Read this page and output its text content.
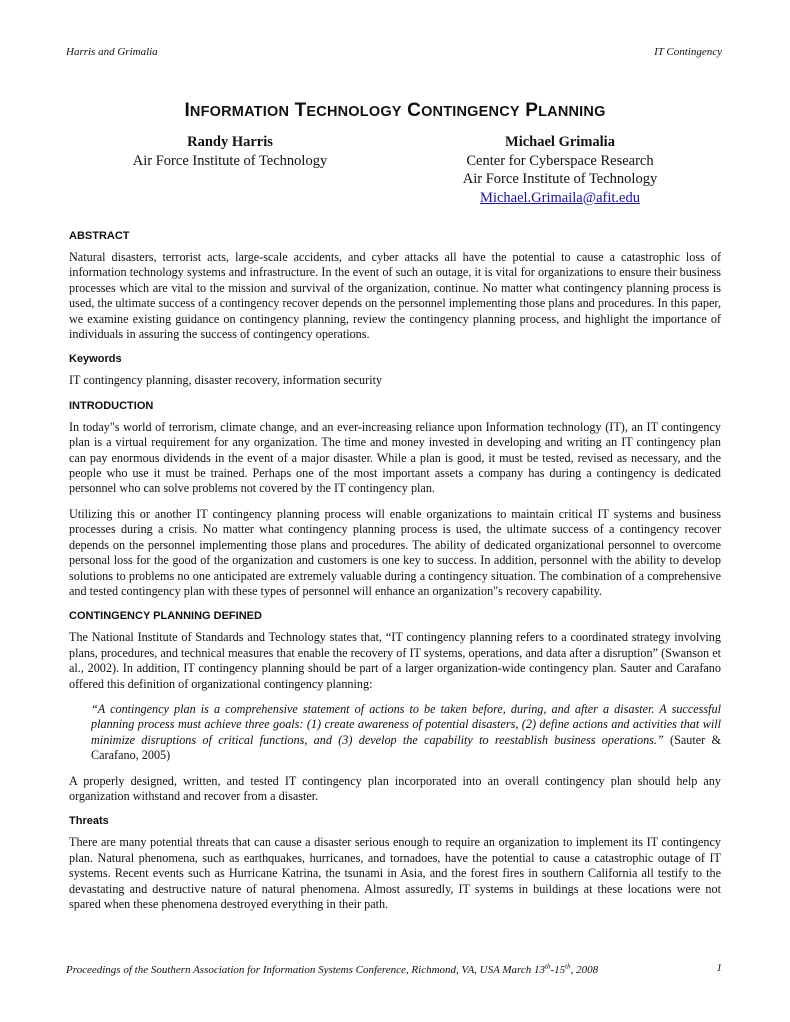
Harris and Grimalia	IT Contingency
INFORMATION TECHNOLOGY CONTINGENCY PLANNING
Randy Harris
Air Force Institute of Technology
Michael Grimalia
Center for Cyberspace Research
Air Force Institute of Technology
Michael.Grimaila@afit.edu
ABSTRACT

Natural disasters, terrorist acts, large-scale accidents, and cyber attacks all have the potential to cause a catastrophic loss of information technology systems and infrastructure. In the event of such an outage, it is vital for organizations to ensure their business processes which are vital to the mission and survival of the organization, continue. No matter what contingency planning process is used, the ultimate success of a contingency recover depends on the personnel implementing those plans and procedures. In this paper, we examine existing guidance on contingency planning, review the contingency planning process, and highlight the importance of individuals in assuring the success of contingency operations.

Keywords

IT contingency planning, disaster recovery, information security

INTRODUCTION

In today"s world of terrorism, climate change, and an ever-increasing reliance upon Information technology (IT), an IT contingency plan is a virtual requirement for any organization. The time and money invested in developing and writing an IT contingency plan can pay enormous dividends in the event of a major disaster. While a plan is good, it must be tested, revised as necessary, and the people who use it must be trained. Perhaps one of the most important assets a company has during a contingency is dedicated personnel who can solve problems not covered by the IT contingency plan.

Utilizing this or another IT contingency planning process will enable organizations to maintain critical IT systems and business processes during a crisis. No matter what contingency planning process is used, the ultimate success of a contingency recover depends on the personnel implementing those plans and procedures. The ability of dedicated organizational personnel to overcome personal loss for the good of the organization and customers is one key to success. In addition, personnel with the ability to develop solutions to problems no one anticipated are extremely valuable during a contingency situation. The combination of a comprehensive and tested contingency plan with these types of personnel will enhance an organization"s recovery capability.

CONTINGENCY PLANNING DEFINED

The National Institute of Standards and Technology states that, “IT contingency planning refers to a coordinated strategy involving plans, procedures, and technical measures that enable the recovery of IT systems, operations, and data after a disruption” (Swanson et al., 2002). In addition, IT contingency planning should be part of a larger organization-wide contingency plan. Sauter and Carafano offered this definition of organizational contingency planning:

“A contingency plan is a comprehensive statement of actions to be taken before, during, and after a disaster. A successful planning process must achieve three goals: (1) create awareness of potential disasters, (2) define actions and activities that will minimize disruptions of critical functions, and (3) develop the capability to reestablish business operations.” (Sauter & Carafano, 2005)

A properly designed, written, and tested IT contingency plan incorporated into an overall contingency plan should help any organization withstand and recover from a disaster.

Threats

There are many potential threats that can cause a disaster serious enough to require an organization to implement its IT contingency plan. Natural phenomena, such as earthquakes, hurricanes, and tornadoes, have the potential to cause a catastrophic outage of IT systems. Recent events such as Hurricane Katrina, the tsunami in Asia, and the forest fires in southern California all testify to the devastating and destructive nature of natural phenomena. Almost assuredly, IT systems in buildings at these locations were not spared when these phenomena destroyed everything in their path.

Proceedings of the Southern Association for Information Systems Conference, Richmond, VA, USA March 13th-15th, 2008	1
